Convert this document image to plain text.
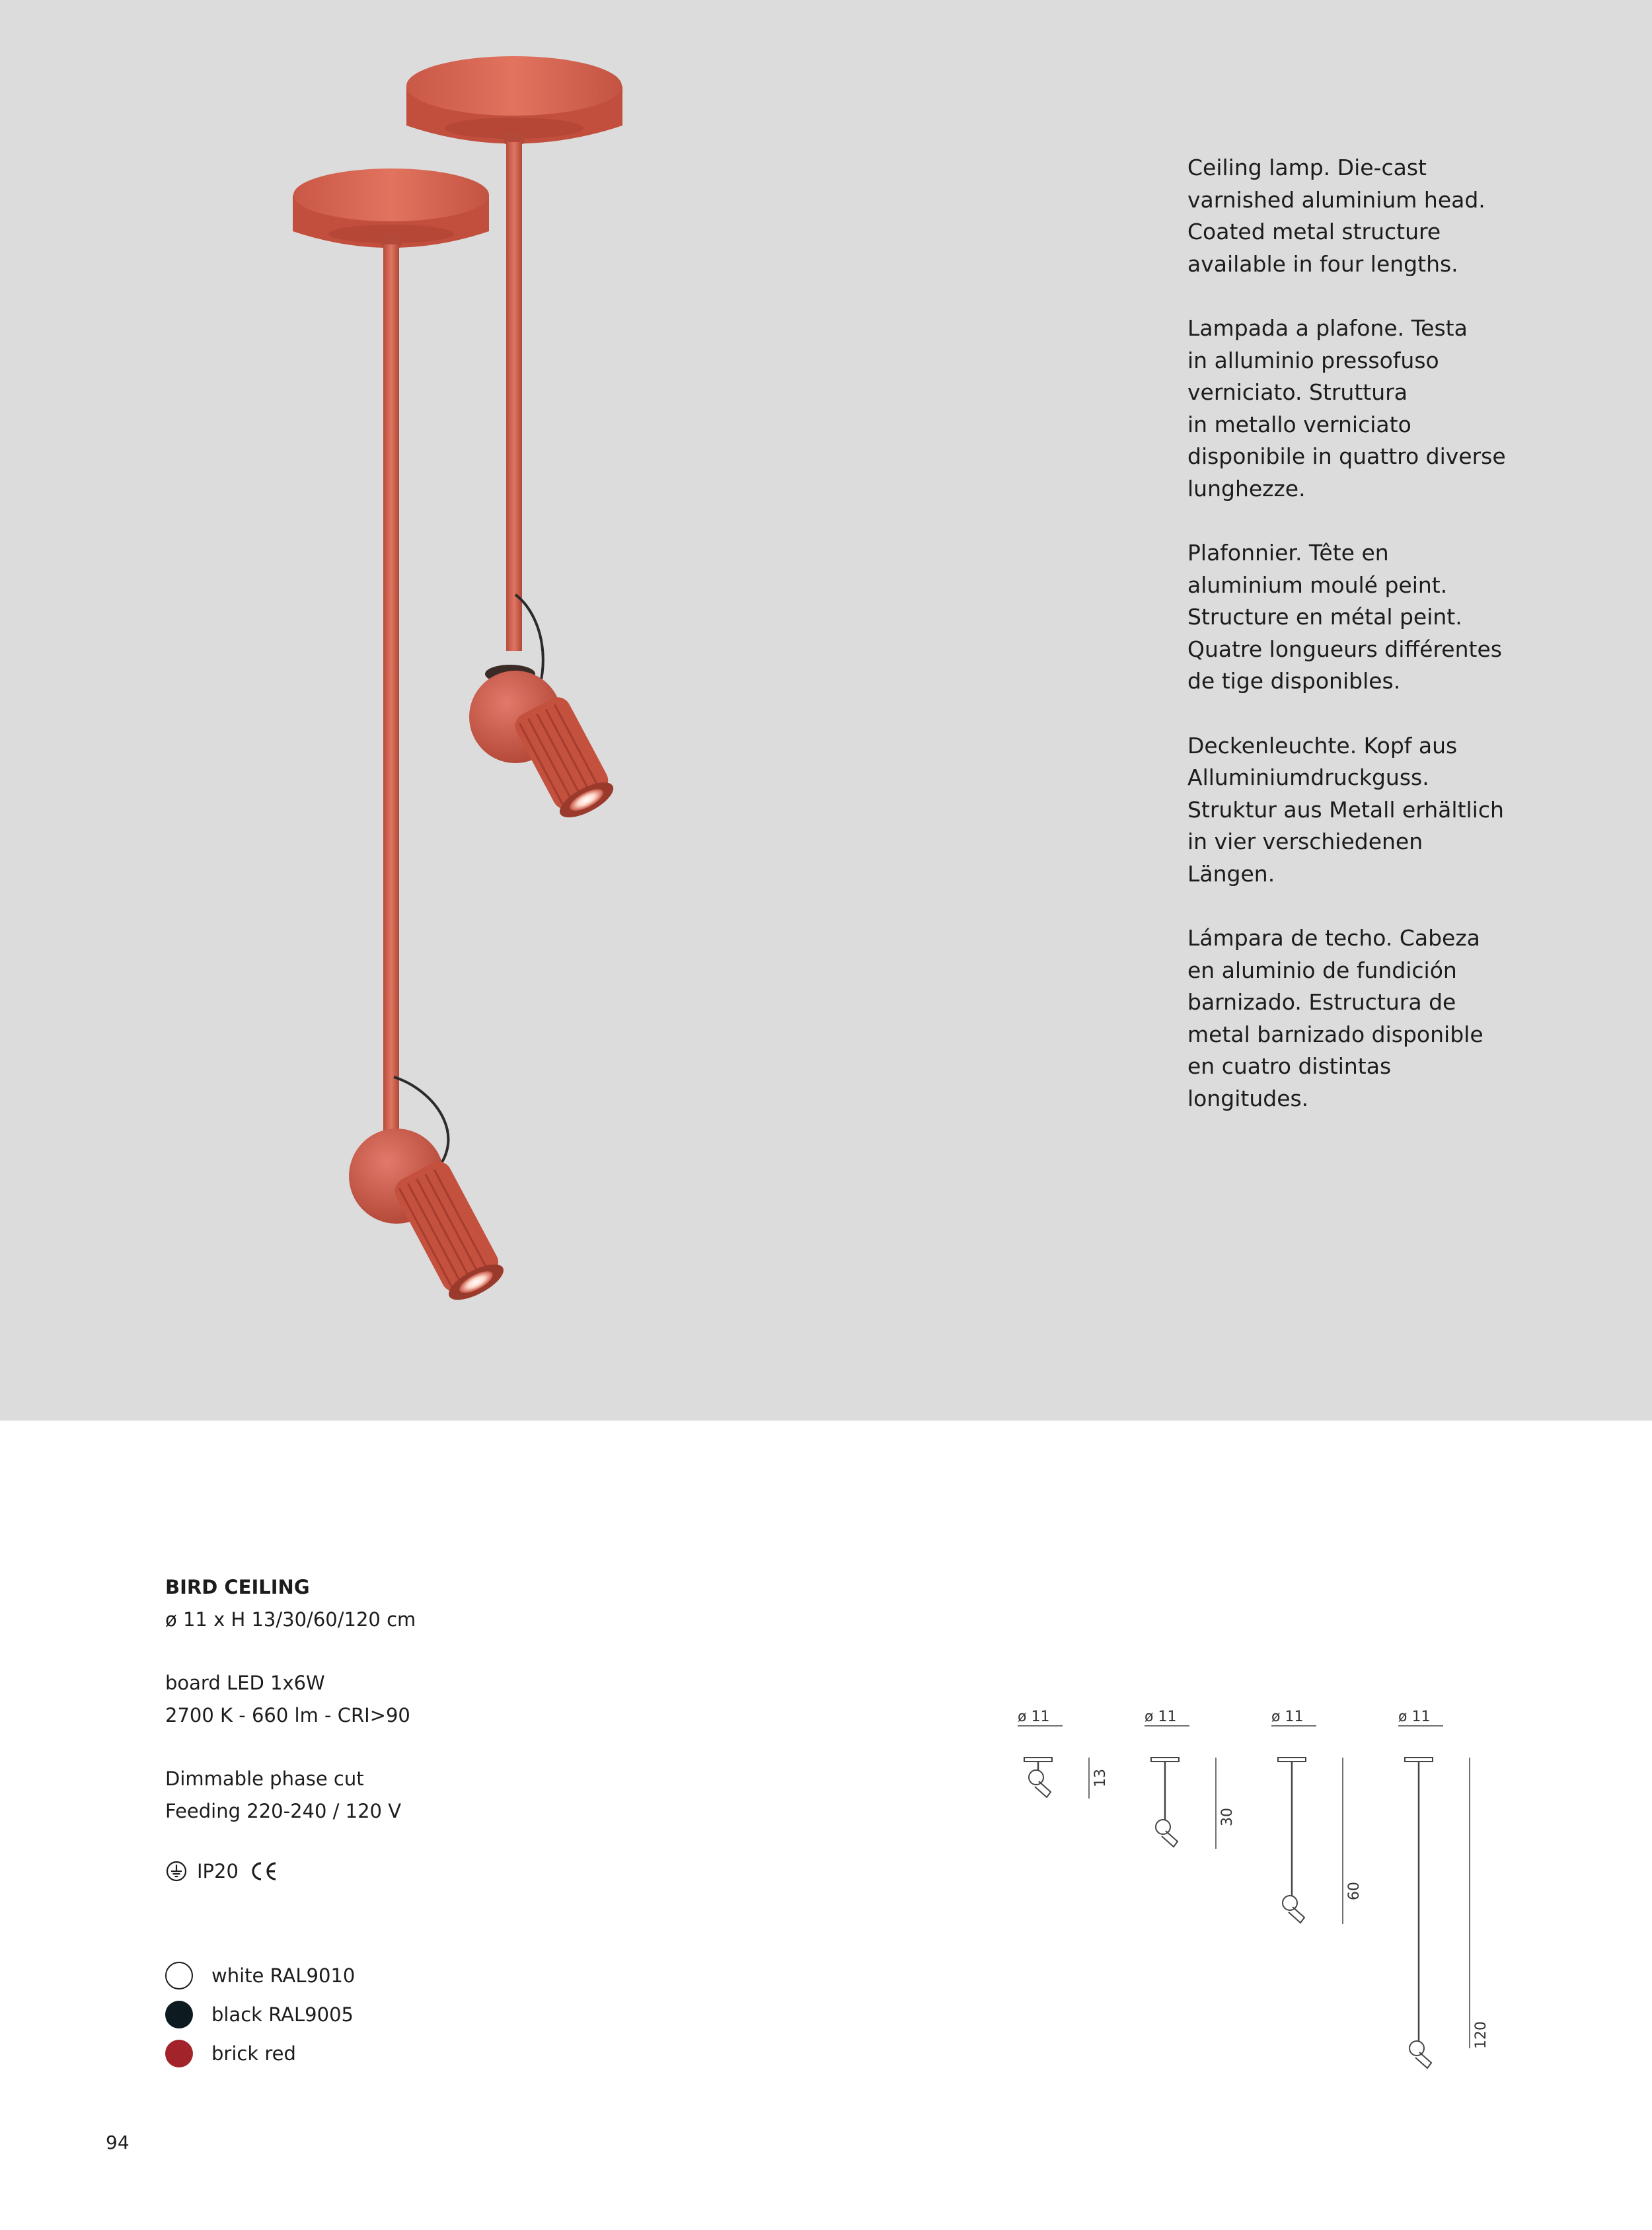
Ceiling lamp. Die-cast
varnished aluminium head.
Coated metal structure
available in four lengths.

Lampada a plafone. Testa
in alluminio pressofuso
verniciato. Struttura
in metallo verniciato
disponibile in quattro diverse
lunghezze.

Plafonnier. Tête en
aluminium moulé peint.
Structure en métal peint.
Quatre longueurs différentes
de tige disponibles.

Deckenleuchte. Kopf aus
Alluminiumdruckguss.
Struktur aus Metall erhältlich
in vier verschiedenen
Längen.

Lámpara de techo. Cabeza
en aluminio de fundición
barnizado. Estructura de
metal barnizado disponible
en cuatro distintas
longitudes.

BIRD CEILING
ø 11 x H 13/30/60/120 cm
board LED 1x6W
2700 K - 660 lm - CRI>90
Dimmable phase cut
Feeding 220-240 / 120 V
IP20
white RAL9010
black RAL9005
brick red
ø 11
13
ø 11
30
ø 11
60
ø 11
120
94
